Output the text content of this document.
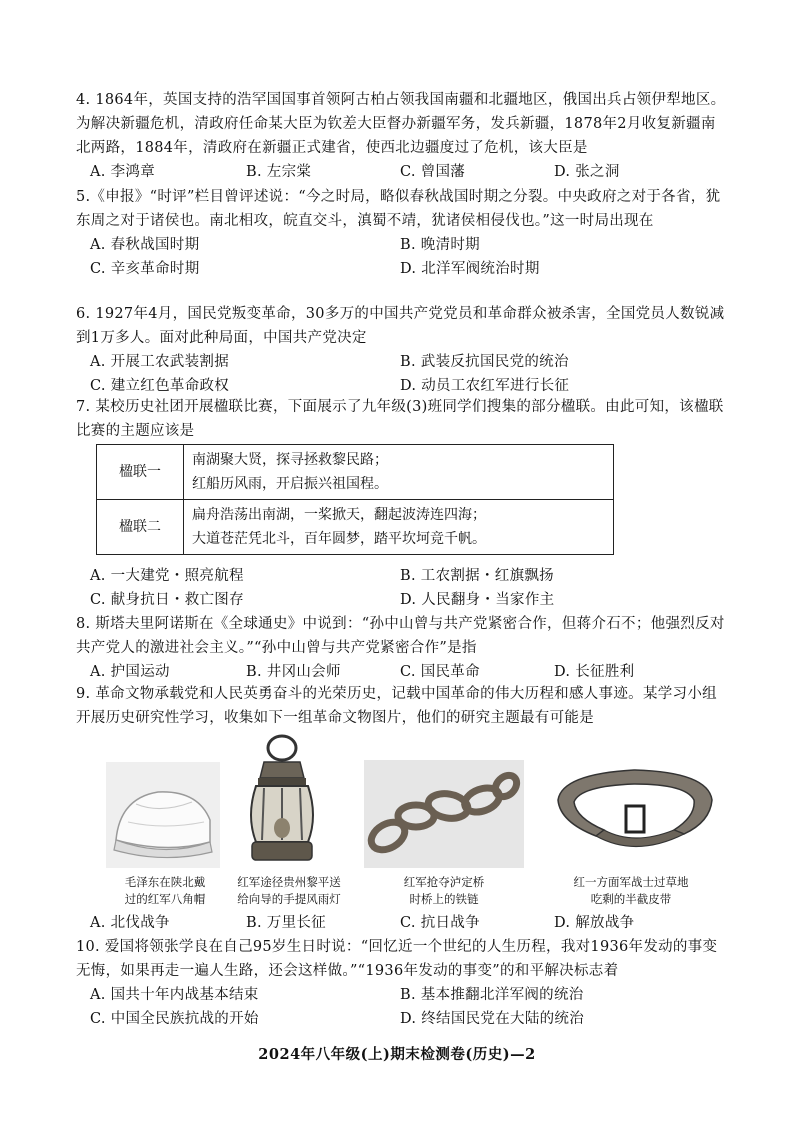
4. 1864年，英国支持的浩罕国国事首领阿古柏占领我国南疆和北疆地区，俄国出兵占领伊犁地区。为解决新疆危机，清政府任命某大臣为钦差大臣督办新疆军务，发兵新疆，1878年2月收复新疆南北两路，1884年，清政府在新疆正式建省，使西北边疆度过了危机，该大臣是
A. 李鸿章	B. 左宗棠	C. 曾国藩	D. 张之洞
5.《申报》“时评”栏目曾评述说：“今之时局，略似春秋战国时期之分裂。中央政府之对于各省，犹东周之对于诸侯也。南北相攻，皖直交斗，滇蜀不靖，犹诸侯相侵伐也。”这一时局出现在
A. 春秋战国时期	B. 晚清时期
C. 辛亥革命时期	D. 北洋军阀统治时期
6. 1927年4月，国民党叛变革命，30多万的中国共产党党员和革命群众被杀害，全国党员人数锐减到1万多人。面对此种局面，中国共产党决定
A. 开展工农武装割据	B. 武装反抗国民党的统治
C. 建立红色革命政权	D. 动员工农红军进行长征
7. 某校历史社团开展楹联比赛，下面展示了九年级(3)班同学们搜集的部分楹联。由此可知，该楹联比赛的主题应该是
楹联一	南湖聚大贤，探寻拯救黎民路；
红船历风雨，开启振兴祖国程。

楹联二	扁舟浩荡出南湖，一桨掀天，翻起波涛连四海；
大道苍茫凭北斗，百年圆梦，踏平坎坷竞千帆。
A. 一大建党・照亮航程	B. 工农割据・红旗飘扬
C. 献身抗日・救亡图存	D. 人民翻身・当家作主
8. 斯塔夫里阿诺斯在《全球通史》中说到：“孙中山曾与共产党紧密合作，但蒋介石不；他强烈反对共产党人的激进社会主义。”“孙中山曾与共产党紧密合作”是指
A. 护国运动	B. 井冈山会师	C. 国民革命	D. 长征胜利
9. 革命文物承载党和人民英勇奋斗的光荣历史，记载中国革命的伟大历程和感人事迹。某学习小组开展历史研究性学习，收集如下一组革命文物图片，他们的研究主题最有可能是
毛泽东在陕北戴
过的红军八角帽
红军途径贵州黎平送
给向导的手提风雨灯
红军抢夺泸定桥
时桥上的铁链
红一方面军战士过草地
吃剩的半截皮带
A. 北伐战争	B. 万里长征	C. 抗日战争	D. 解放战争
10. 爱国将领张学良在自己95岁生日时说：“回忆近一个世纪的人生历程，我对1936年发动的事变无悔，如果再走一遍人生路，还会这样做。”“1936年发动的事变”的和平解决标志着
A. 国共十年内战基本结束	B. 基本推翻北洋军阀的统治
C. 中国全民族抗战的开始	D. 终结国民党在大陆的统治
2024年八年级(上)期末检测卷(历史)—2
